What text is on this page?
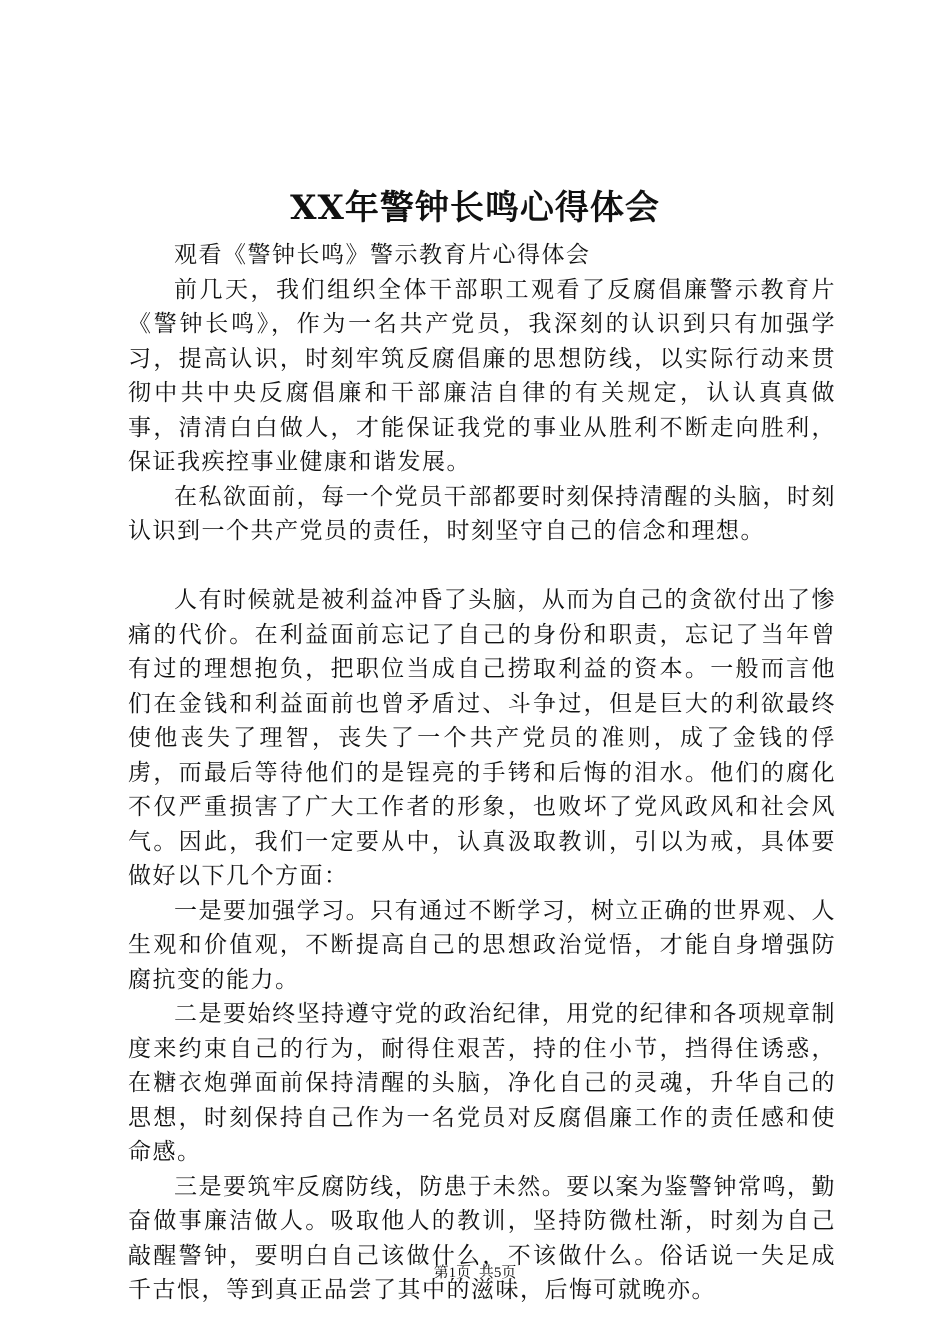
XX年警钟长鸣心得体会

观看《警钟长鸣》警示教育片心得体会

前几天，我们组织全体干部职工观看了反腐倡廉警示教育片《警钟长鸣》，作为一名共产党员，我深刻的认识到只有加强学习，提高认识，时刻牢筑反腐倡廉的思想防线，以实际行动来贯彻中共中央反腐倡廉和干部廉洁自律的有关规定，认认真真做事，清清白白做人，才能保证我党的事业从胜利不断走向胜利，保证我疾控事业健康和谐发展。

在私欲面前，每一个党员干部都要时刻保持清醒的头脑，时刻认识到一个共产党员的责任，时刻坚守自己的信念和理想。

人有时候就是被利益冲昏了头脑，从而为自己的贪欲付出了惨痛的代价。在利益面前忘记了自己的身份和职责，忘记了当年曾有过的理想抱负，把职位当成自己捞取利益的资本。一般而言他们在金钱和利益面前也曾矛盾过、斗争过，但是巨大的利欲最终使他丧失了理智，丧失了一个共产党员的准则，成了金钱的俘虏，而最后等待他们的是锃亮的手铐和后悔的泪水。他们的腐化不仅严重损害了广大工作者的形象，也败坏了党风政风和社会风气。因此，我们一定要从中，认真汲取教训，引以为戒，具体要做好以下几个方面：

一是要加强学习。只有通过不断学习，树立正确的世界观、人生观和价值观，不断提高自己的思想政治觉悟，才能自身增强防腐抗变的能力。

二是要始终坚持遵守党的政治纪律，用党的纪律和各项规章制度来约束自己的行为，耐得住艰苦，持的住小节，挡得住诱惑，在糖衣炮弹面前保持清醒的头脑，净化自己的灵魂，升华自己的思想，时刻保持自己作为一名党员对反腐倡廉工作的责任感和使命感。

三是要筑牢反腐防线，防患于未然。要以案为鉴警钟常鸣，勤奋做事廉洁做人。吸取他人的教训，坚持防微杜渐，时刻为自己敲醒警钟，要明白自己该做什么，不该做什么。俗话说一失足成千古恨，等到真正品尝了其中的滋味，后悔可就晚亦。

第1页 共5页
